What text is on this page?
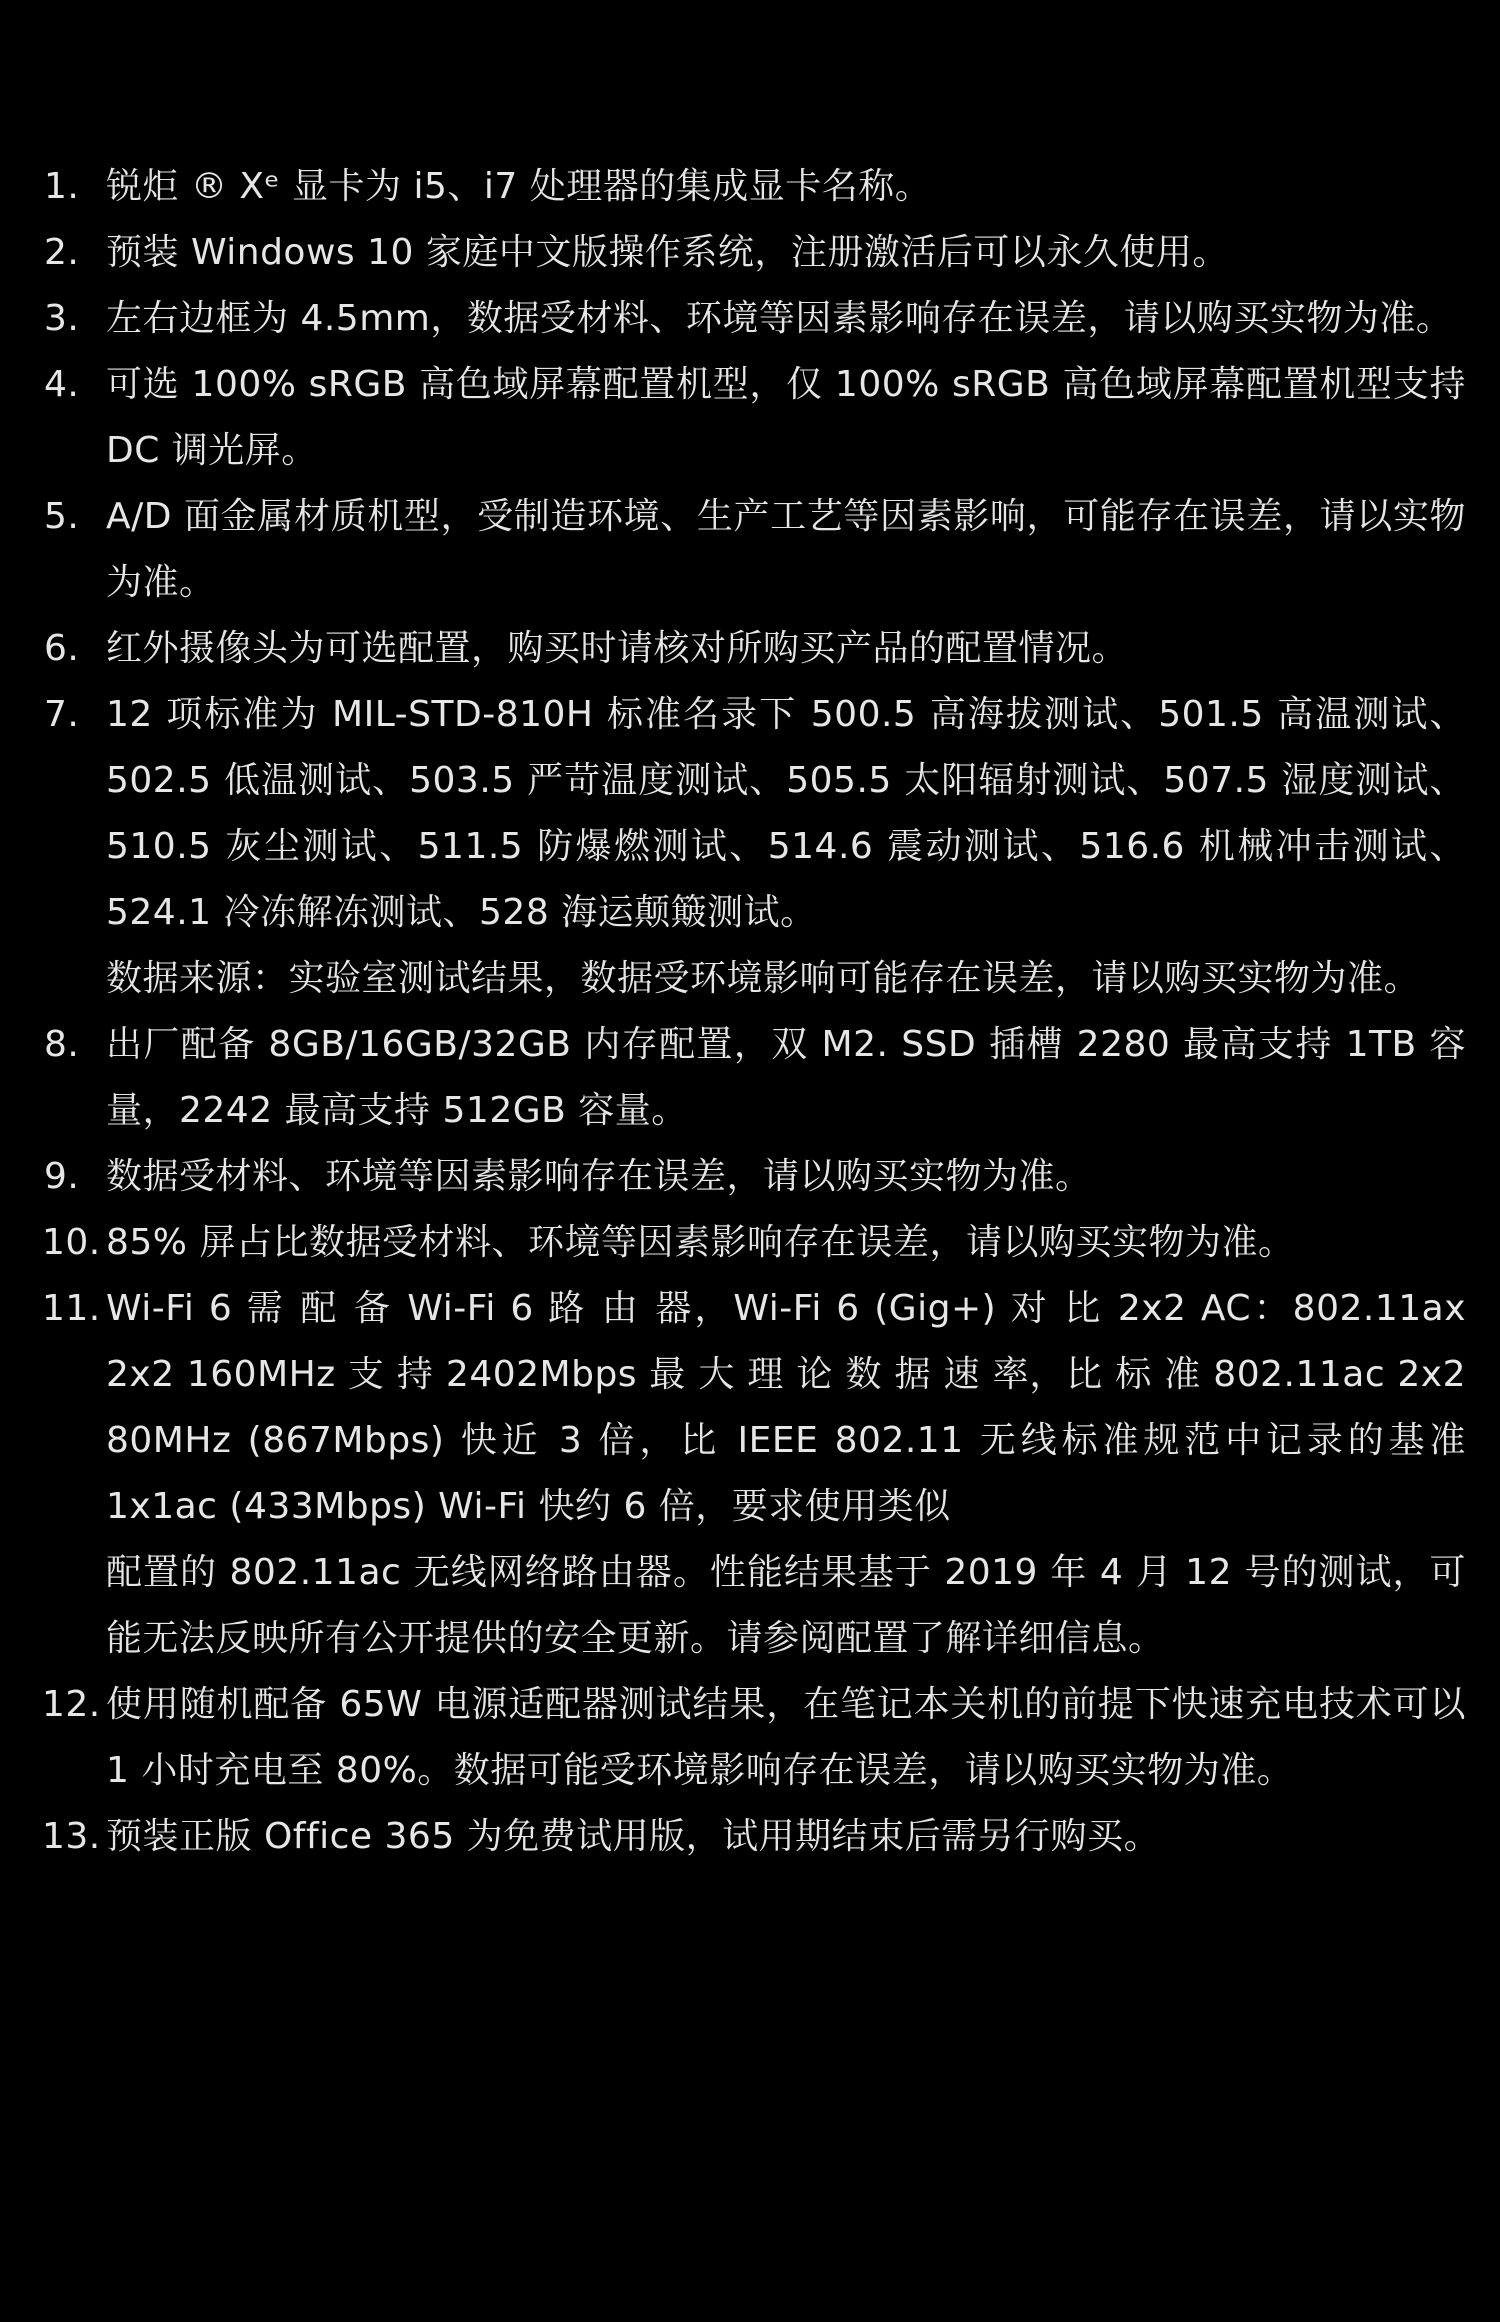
1. 锐炬 ® Xᵉ 显卡为 i5、i7 处理器的集成显卡名称。

2. 预装 Windows 10 家庭中文版操作系统，注册激活后可以永久使用。

3. 左右边框为 4.5mm，数据受材料、环境等因素影响存在误差，请以购买实物为准。

4. 可选 100% sRGB 高色域屏幕配置机型，仅 100% sRGB 高色域屏幕配置机型支持 DC 调光屏。

5. A/D 面金属材质机型，受制造环境、生产工艺等因素影响，可能存在误差，请以实物为准。

6. 红外摄像头为可选配置，购买时请核对所购买产品的配置情况。

7. 12 项标准为 MIL-STD-810H 标准名录下 500.5 高海拔测试、501.5 高温测试、502.5 低温测试、503.5 严苛温度测试、505.5 太阳辐射测试、507.5 湿度测试、510.5 灰尘测试、511.5 防爆燃测试、514.6 震动测试、516.6 机械冲击测试、524.1 冷冻解冻测试、528 海运颠簸测试。

数据来源：实验室测试结果，数据受环境影响可能存在误差，请以购买实物为准。

8. 出厂配备 8GB/16GB/32GB 内存配置，双 M2. SSD 插槽 2280 最高支持 1TB 容量，2242 最高支持 512GB 容量。

9. 数据受材料、环境等因素影响存在误差，请以购买实物为准。

10. 85% 屏占比数据受材料、环境等因素影响存在误差，请以购买实物为准。

11. Wi-Fi 6 需 配 备 Wi-Fi 6 路 由 器，Wi-Fi 6 (Gig+) 对 比 2x2 AC：802.11ax 2x2 160MHz 支 持 2402Mbps 最 大 理 论 数 据 速 率，比 标 准 802.11ac 2x2 80MHz (867Mbps) 快近 3 倍，比 IEEE 802.11 无线标准规范中记录的基准 1x1ac (433Mbps) Wi-Fi 快约 6 倍，要求使用类似

配置的 802.11ac 无线网络路由器。性能结果基于 2019 年 4 月 12 号的测试，可能无法反映所有公开提供的安全更新。请参阅配置了解详细信息。

12. 使用随机配备 65W 电源适配器测试结果，在笔记本关机的前提下快速充电技术可以 1 小时充电至 80%。数据可能受环境影响存在误差，请以购买实物为准。

13. 预装正版 Office 365 为免费试用版，试用期结束后需另行购买。
